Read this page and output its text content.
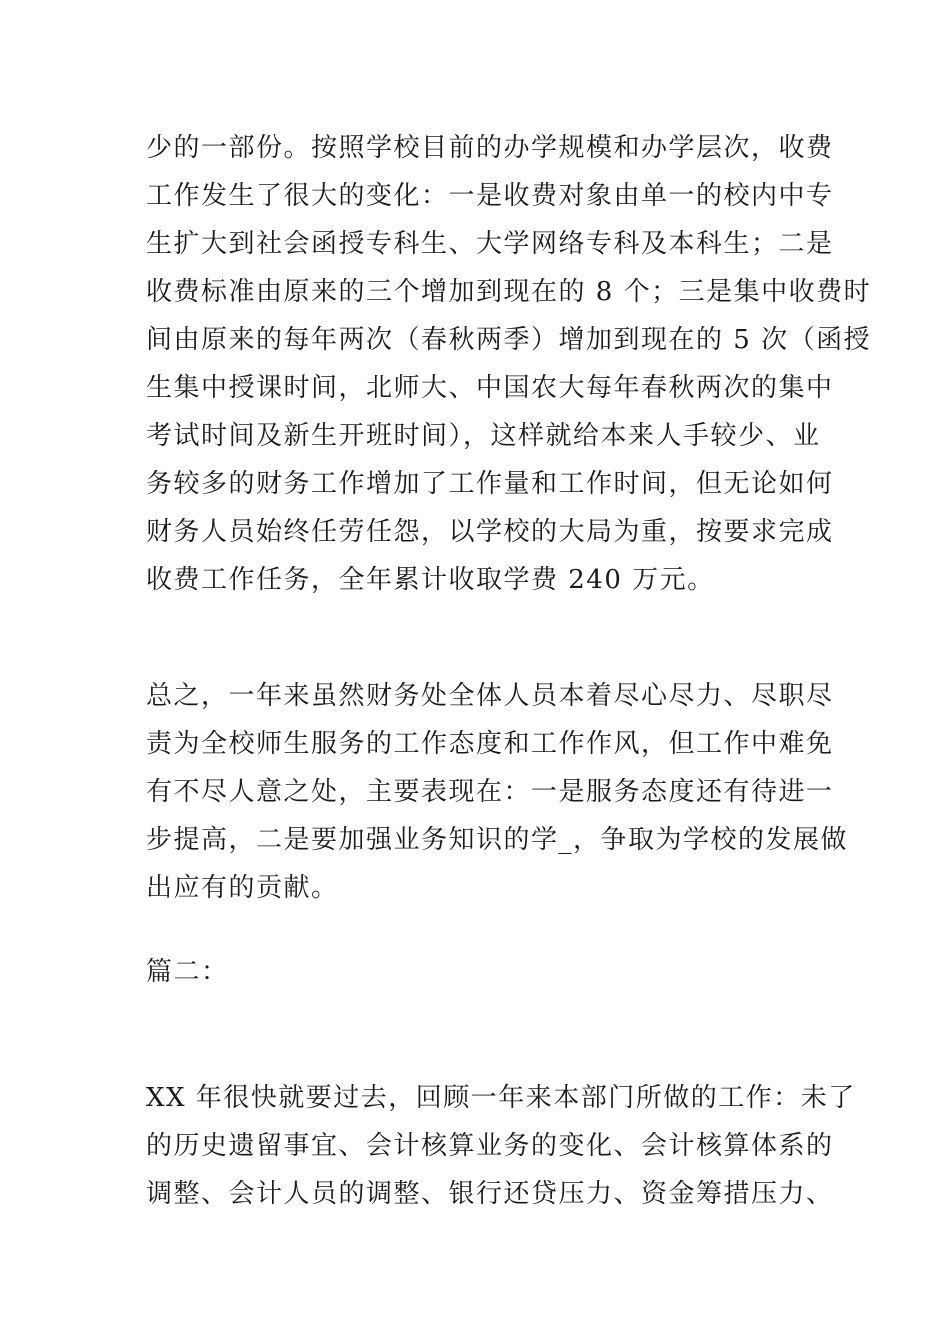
少的一部份。按照学校目前的办学规模和办学层次，收费
工作发生了很大的变化：一是收费对象由单一的校内中专
生扩大到社会函授专科生、大学网络专科及本科生；二是
收费标准由原来的三个增加到现在的 8 个；三是集中收费时
间由原来的每年两次（春秋两季）增加到现在的 5 次（函授
生集中授课时间，北师大、中国农大每年春秋两次的集中
考试时间及新生开班时间），这样就给本来人手较少、业
务较多的财务工作增加了工作量和工作时间，但无论如何
财务人员始终任劳任怨，以学校的大局为重，按要求完成
收费工作任务，全年累计收取学费 240 万元。
总之，一年来虽然财务处全体人员本着尽心尽力、尽职尽
责为全校师生服务的工作态度和工作作风，但工作中难免
有不尽人意之处，主要表现在：一是服务态度还有待进一
步提高，二是要加强业务知识的学_，争取为学校的发展做
出应有的贡献。
篇二：
XX 年很快就要过去，回顾一年来本部门所做的工作：未了
的历史遗留事宜、会计核算业务的变化、会计核算体系的
调整、会计人员的调整、银行还贷压力、资金筹措压力、
